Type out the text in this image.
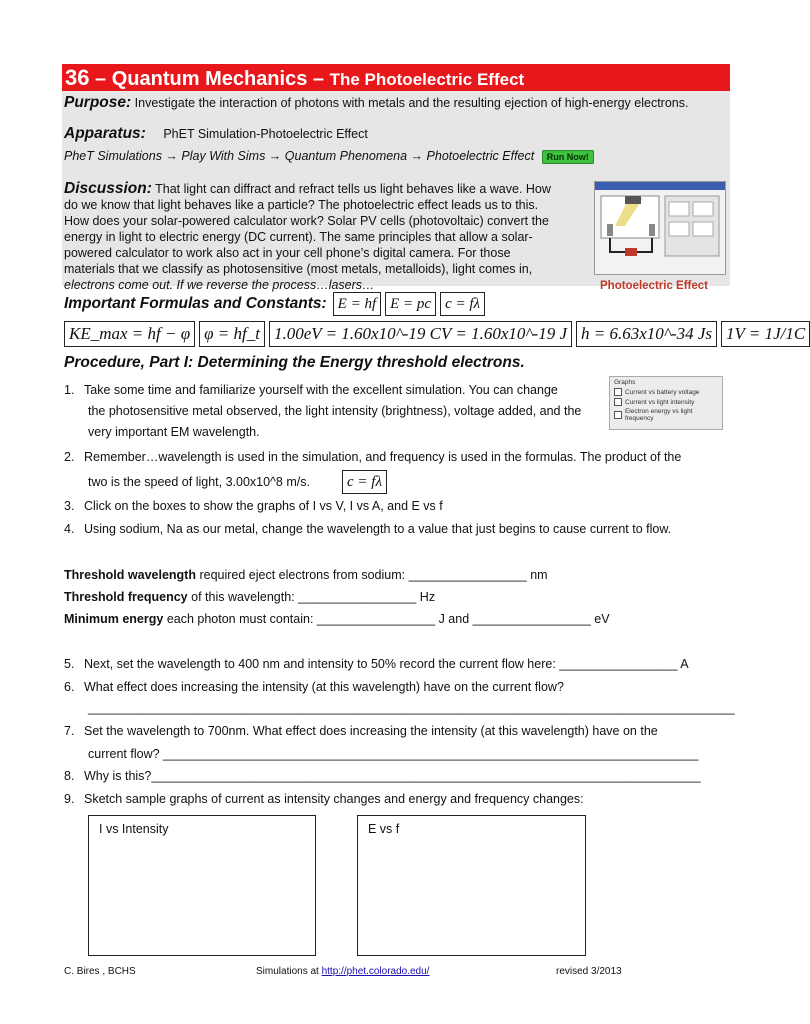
36 – Quantum Mechanics – The Photoelectric Effect
Purpose: Investigate the interaction of photons with metals and the resulting ejection of high-energy electrons.
Apparatus: PhET Simulation-Photoelectric Effect
PheT Simulations → Play With Sims → Quantum Phenomena → Photoelectric Effect Run Now!
Discussion: That light can diffract and refract tells us light behaves like a wave. How
do we know that light behaves like a particle? The photoelectric effect leads us to this.
How does your solar-powered calculator work? Solar PV cells (photovoltaic) convert the
energy in light to electric energy (DC current). The same principles that allow a solar-
powered calculator to work also act in your cell phone’s digital camera. For those
materials that we classify as photosensitive (most metals, metalloids), light comes in,
electrons come out. If we reverse the process…lasers…	Photoelectric Effect
Important Formulas and Constants: E = hf E = pc c = fλ
KE_max = hf − φ φ = hf_t 1.00eV = 1.60x10^-19 CV = 1.60x10^-19 J h = 6.63x10^-34 Js 1V = 1J/1C
Procedure, Part I: Determining the Energy threshold electrons.
Graphs
Current vs battery voltage
Current vs light intensity
Electron energy vs light frequency
1. Take some time and familiarize yourself with the excellent simulation. You can change
the photosensitive metal observed, the light intensity (brightness), voltage added, and the
very important EM wavelength.
2. Remember…wavelength is used in the simulation, and frequency is used in the formulas. The product of the
two is the speed of light, 3.00x10^8 m/s.	c = fλ
3. Click on the boxes to show the graphs of I vs V, I vs A, and E vs f
4. Using sodium, Na as our metal, change the wavelength to a value that just begins to cause current to flow.
Threshold wavelength required eject electrons from sodium: _________________ nm
Threshold frequency of this wavelength: _________________ Hz
Minimum energy each photon must contain: _________________ J and _________________ eV
5. Next, set the wavelength to 400 nm and intensity to 50% record the current flow here: _________________ A
6. What effect does increasing the intensity (at this wavelength) have on the current flow?
_____________________________________________________________________________________________
7. Set the wavelength to 700nm. What effect does increasing the intensity (at this wavelength) have on the
current flow? _____________________________________________________________________________
8. Why is this?_______________________________________________________________________________
9. Sketch sample graphs of current as intensity changes and energy and frequency changes:
I vs Intensity	E vs f
C. Bires , BCHS	Simulations at http://phet.colorado.edu/	revised 3/2013
